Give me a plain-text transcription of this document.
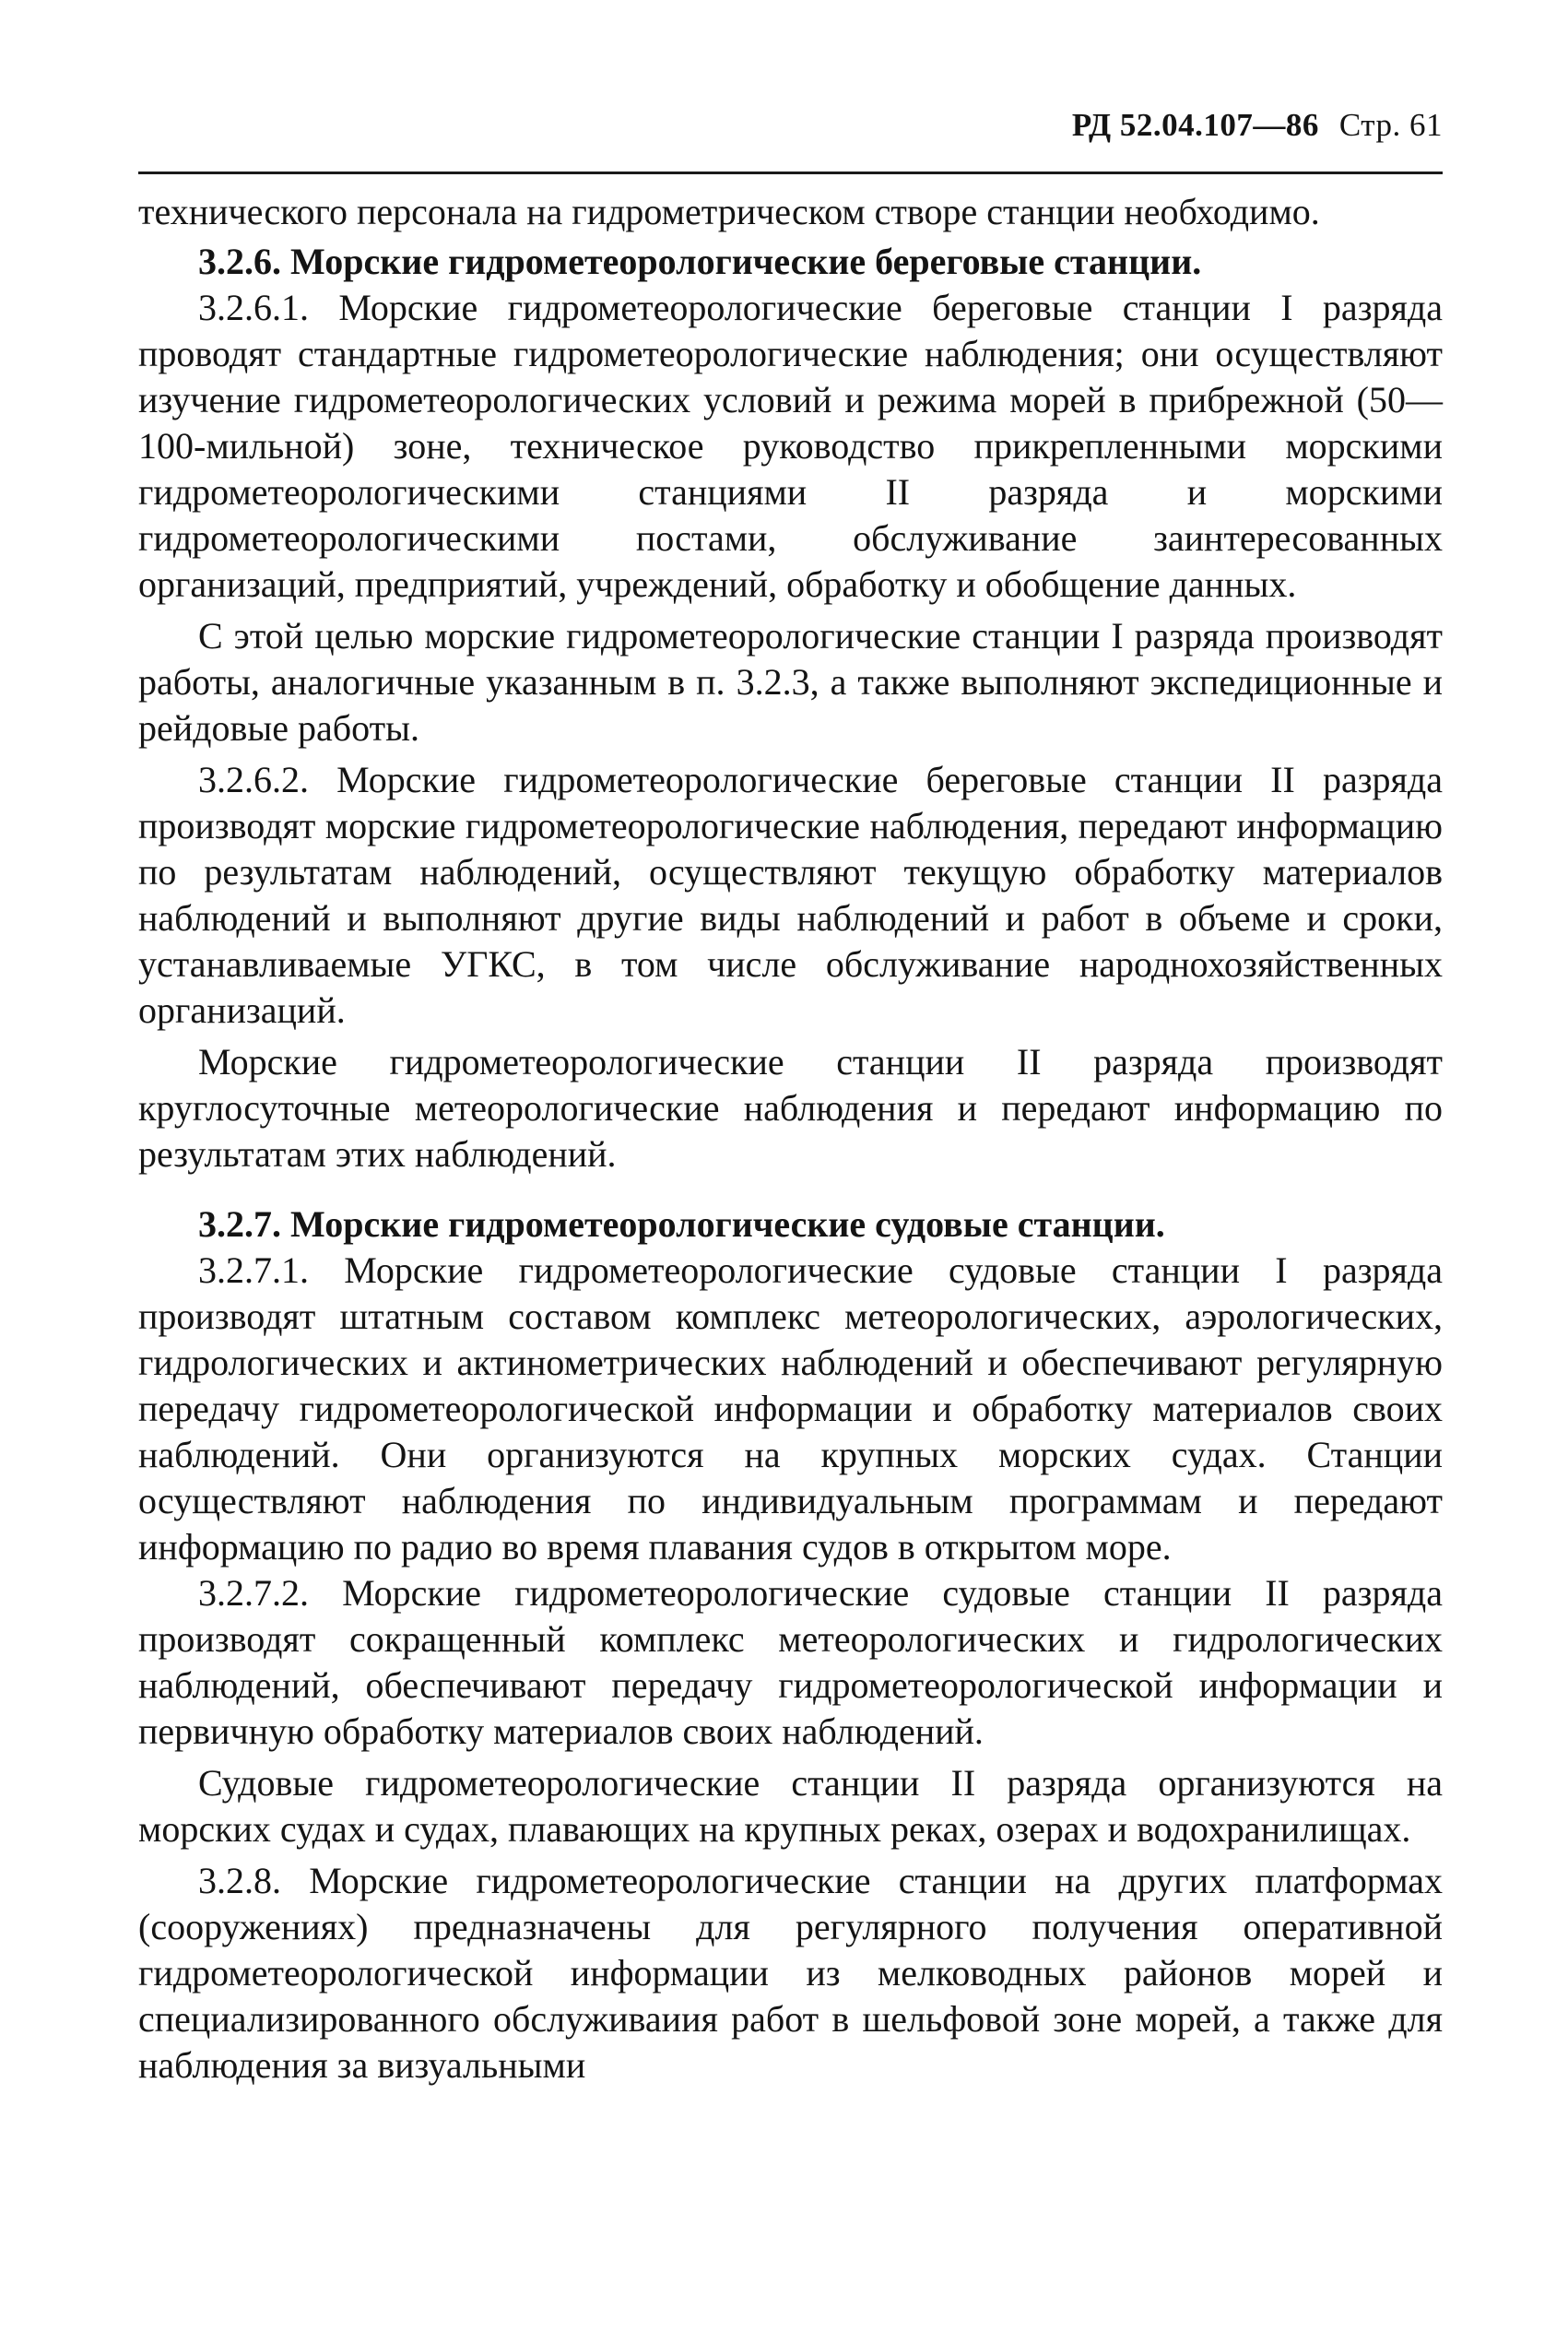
РД 52.04.107—86 Стр. 61

технического персонала на гидрометрическом створе станции необходимо.

3.2.6. Морские гидрометеорологические береговые станции.

3.2.6.1. Морские гидрометеорологические береговые станции I разряда проводят стандартные гидрометеорологические наблюдения; они осуществляют изучение гидрометеорологических условий и режима морей в прибрежной (50—100-мильной) зоне, техническое руководство прикрепленными морскими гидрометеорологическими станциями II разряда и морскими гидрометеорологическими постами, обслуживание заинтересованных организаций, предприятий, учреждений, обработку и обобщение данных.

С этой целью морские гидрометеорологические станции I разряда производят работы, аналогичные указанным в п. 3.2.3, а также выполняют экспедиционные и рейдовые работы.

3.2.6.2. Морские гидрометеорологические береговые станции II разряда производят морские гидрометеорологические наблюдения, передают информацию по результатам наблюдений, осуществляют текущую обработку материалов наблюдений и выполняют другие виды наблюдений и работ в объеме и сроки, устанавливаемые УГКС, в том числе обслуживание народнохозяйственных организаций.

Морские гидрометеорологические станции II разряда производят круглосуточные метеорологические наблюдения и передают информацию по результатам этих наблюдений.

3.2.7. Морские гидрометеорологические судовые станции.

3.2.7.1. Морские гидрометеорологические судовые станции I разряда производят штатным составом комплекс метеорологических, аэрологических, гидрологических и актинометрических наблюдений и обеспечивают регулярную передачу гидрометеорологической информации и обработку материалов своих наблюдений. Они организуются на крупных морских судах. Станции осуществляют наблюдения по индивидуальным программам и передают информацию по радио во время плавания судов в открытом море.

3.2.7.2. Морские гидрометеорологические судовые станции II разряда производят сокращенный комплекс метеорологических и гидрологических наблюдений, обеспечивают передачу гидрометеорологической информации и первичную обработку материалов своих наблюдений.

Судовые гидрометеорологические станции II разряда организуются на морских судах и судах, плавающих на крупных реках, озерах и водохранилищах.

3.2.8. Морские гидрометеорологические станции на других платформах (сооружениях) предназначены для регулярного получения оперативной гидрометеорологической информации из мелководных районов морей и специализированного обслуживаиия работ в шельфовой зоне морей, а также для наблюдения за визуальными
